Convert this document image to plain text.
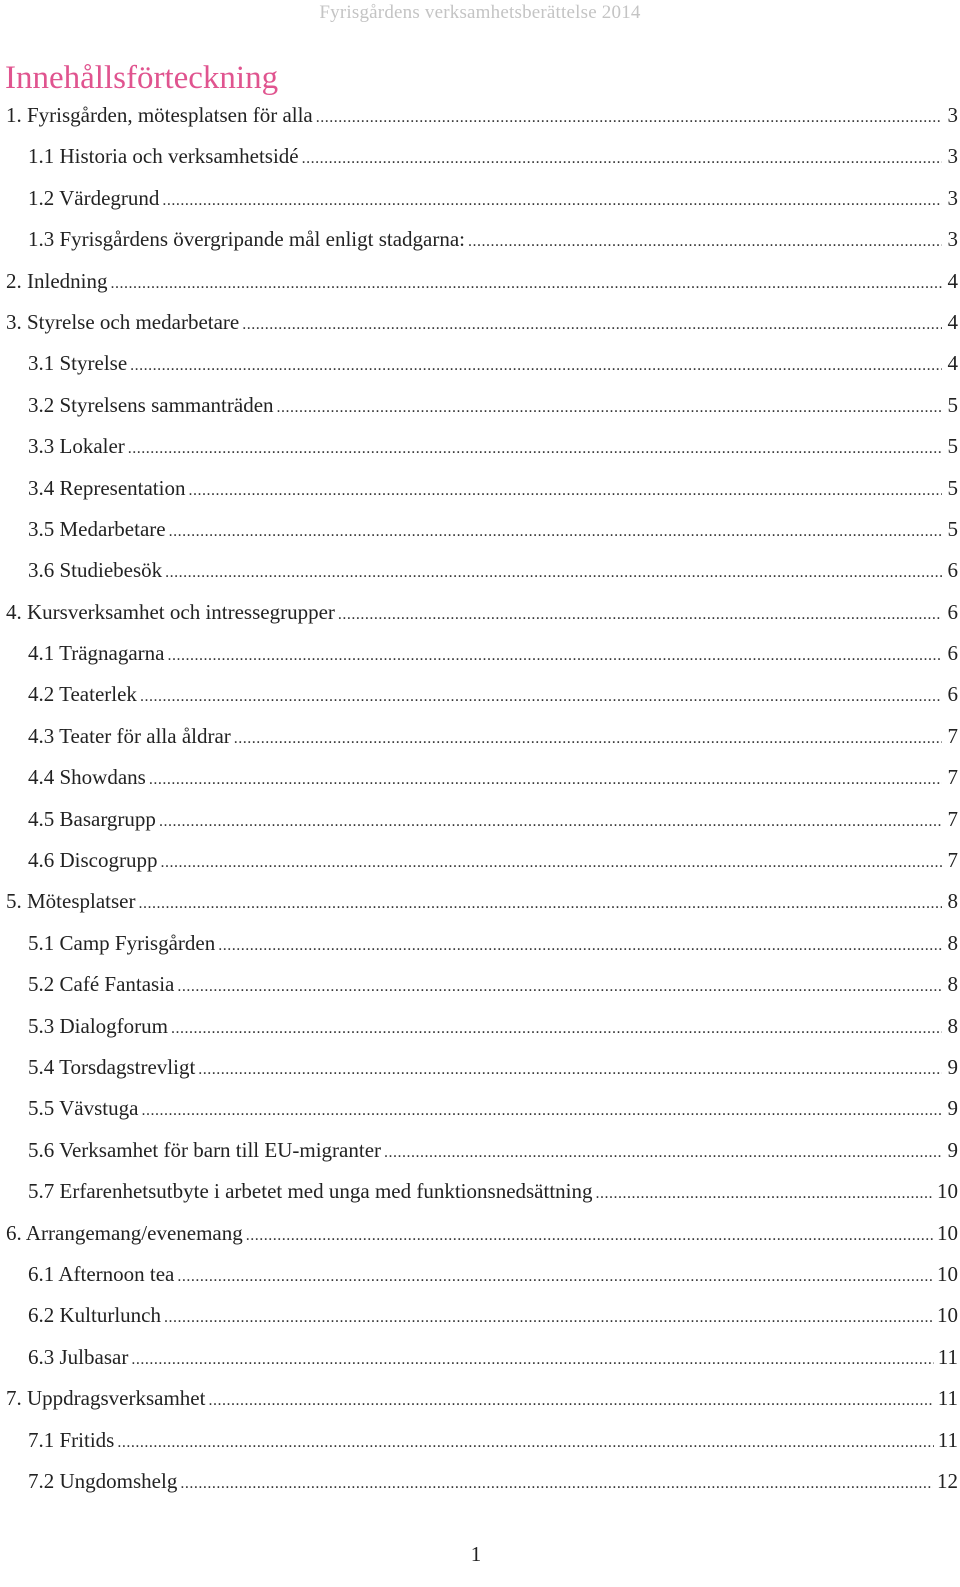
Fyrisgårdens verksamhetsberättelse 2014
Innehållsförteckning
1. Fyrisgården, mötesplatsen för alla .....	3
1.1 Historia och verksamhetsidé .....	3
1.2 Värdegrund .....	3
1.3 Fyrisgårdens övergripande mål enligt stadgarna: .....	3
2. Inledning .....	4
3. Styrelse och medarbetare .....	4
3.1 Styrelse .....	4
3.2 Styrelsens sammanträden .....	5
3.3 Lokaler .....	5
3.4 Representation .....	5
3.5 Medarbetare .....	5
3.6 Studiebesök .....	6
4. Kursverksamhet och intressegrupper .....	6
4.1 Trägnagarna .....	6
4.2 Teaterlek .....	6
4.3 Teater för alla åldrar .....	7
4.4 Showdans .....	7
4.5 Basargrupp .....	7
4.6 Discogrupp .....	7
5. Mötesplatser .....	8
5.1 Camp Fyrisgården .....	8
5.2 Café Fantasia .....	8
5.3 Dialogforum .....	8
5.4 Torsdagstrevligt .....	9
5.5 Vävstuga .....	9
5.6 Verksamhet för barn till EU-migranter .....	9
5.7 Erfarenhetsutbyte i arbetet med unga med funktionsnedsättning .....	10
6. Arrangemang/evenemang .....	10
6.1 Afternoon tea .....	10
6.2 Kulturlunch .....	10
6.3 Julbasar .....	11
7. Uppdragsverksamhet .....	11
7.1 Fritids .....	11
7.2 Ungdomshelg .....	12
1
